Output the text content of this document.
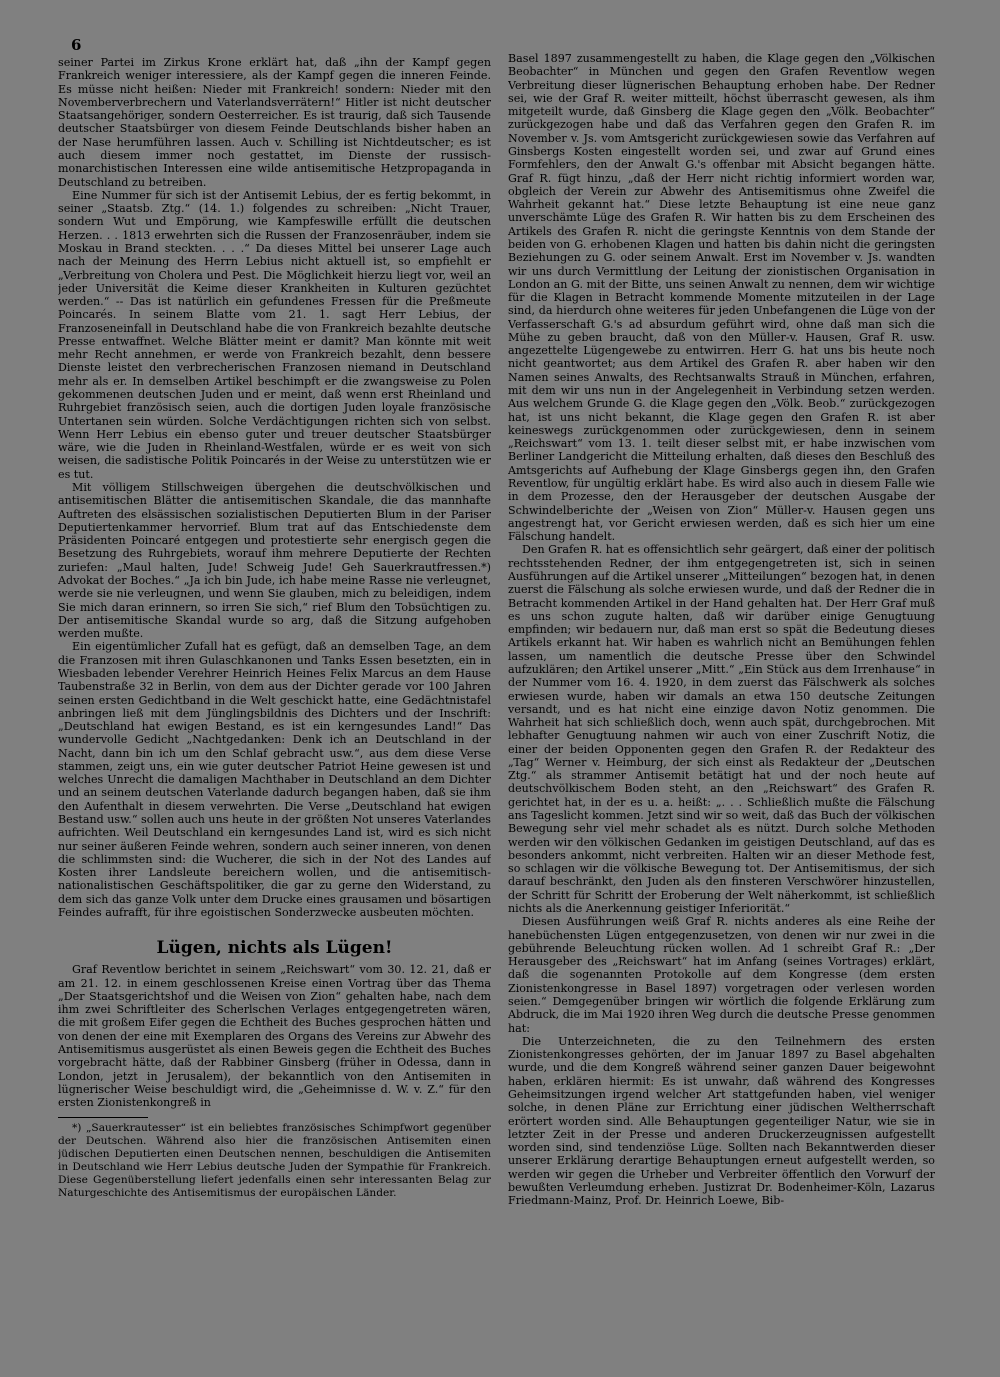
6

seiner Partei im Zirkus Krone erklärt hat, daß „ihn der Kampf gegen Frankreich weniger interessiere, als der Kampf gegen die inneren Feinde. Es müsse nicht heißen: Nieder mit Frankreich! sondern: Nieder mit den Novemberverbrechern und Vaterlandsverrätern!“ Hitler ist nicht deutscher Staatsangehöriger, sondern Oesterreicher. Es ist traurig, daß sich Tausende deutscher Staatsbürger von diesem Feinde Deutschlands bisher haben an der Nase herumführen lassen. Auch v. Schilling ist Nichtdeutscher; es ist auch diesem immer noch gestattet, im Dienste der russisch-monarchistischen Interessen eine wilde antisemitische Hetzpropaganda in Deutschland zu betreiben.

Eine Nummer für sich ist der Antisemit Lebius, der es fertig bekommt, in seiner „Staatsb. Ztg.“ (14. 1.) folgendes zu schreiben: „Nicht Trauer, sondern Wut und Empörung, wie Kampfeswille erfüllt die deutschen Herzen. . . 1813 erwehrten sich die Russen der Franzosenräuber, indem sie Moskau in Brand steckten. . . .“ Da dieses Mittel bei unserer Lage auch nach der Meinung des Herrn Lebius nicht aktuell ist, so empfiehlt er „Verbreitung von Cholera und Pest. Die Möglichkeit hierzu liegt vor, weil an jeder Universität die Keime dieser Krankheiten in Kulturen gezüchtet werden.“ -- Das ist natürlich ein gefundenes Fressen für die Preßmeute Poincarés. In seinem Blatte vom 21. 1. sagt Herr Lebius, der Franzoseneinfall in Deutschland habe die von Frankreich bezahlte deutsche Presse entwaffnet. Welche Blätter meint er damit? Man könnte mit weit mehr Recht annehmen, er werde von Frankreich bezahlt, denn bessere Dienste leistet den verbrecherischen Franzosen niemand in Deutschland mehr als er. In demselben Artikel beschimpft er die zwangsweise zu Polen gekommenen deutschen Juden und er meint, daß wenn erst Rheinland und Ruhrgebiet französisch seien, auch die dortigen Juden loyale französische Untertanen sein würden. Solche Verdächtigungen richten sich von selbst. Wenn Herr Lebius ein ebenso guter und treuer deutscher Staatsbürger wäre, wie die Juden in Rheinland-Westfalen, würde er es weit von sich weisen, die sadistische Politik Poincarés in der Weise zu unterstützen wie er es tut.

Mit völligem Stillschweigen übergehen die deutschvölkischen und antisemitischen Blätter die antisemitischen Skandale, die das mannhafte Auftreten des elsässischen sozialistischen Deputierten Blum in der Pariser Deputiertenkammer hervorrief. Blum trat auf das Entschiedenste dem Präsidenten Poincaré entgegen und protestierte sehr energisch gegen die Besetzung des Ruhrgebiets, worauf ihm mehrere Deputierte der Rechten zuriefen: „Maul halten, Jude! Schweig Jude! Geh Sauerkrautfressen.*) Advokat der Boches.“ „Ja ich bin Jude, ich habe meine Rasse nie verleugnet, werde sie nie verleugnen, und wenn Sie glauben, mich zu beleidigen, indem Sie mich daran erinnern, so irren Sie sich,“ rief Blum den Tobsüchtigen zu. Der antisemitische Skandal wurde so arg, daß die Sitzung aufgehoben werden mußte.

Ein eigentümlicher Zufall hat es gefügt, daß an demselben Tage, an dem die Franzosen mit ihren Gulaschkanonen und Tanks Essen besetzten, ein in Wiesbaden lebender Verehrer Heinrich Heines Felix Marcus an dem Hause Taubenstraße 32 in Berlin, von dem aus der Dichter gerade vor 100 Jahren seinen ersten Gedichtband in die Welt geschickt hatte, eine Gedächtnistafel anbringen ließ mit dem Jünglingsbildnis des Dichters und der Inschrift: „Deutschland hat ewigen Bestand, es ist ein kerngesundes Land!“ Das wundervolle Gedicht „Nachtgedanken: Denk ich an Deutschland in der Nacht, dann bin ich um den Schlaf gebracht usw.“, aus dem diese Verse stammen, zeigt uns, ein wie guter deutscher Patriot Heine gewesen ist und welches Unrecht die damaligen Machthaber in Deutschland an dem Dichter und an seinem deutschen Vaterlande dadurch begangen haben, daß sie ihm den Aufenthalt in diesem verwehrten. Die Verse „Deutschland hat ewigen Bestand usw.“ sollen auch uns heute in der größten Not unseres Vaterlandes aufrichten. Weil Deutschland ein kerngesundes Land ist, wird es sich nicht nur seiner äußeren Feinde wehren, sondern auch seiner inneren, von denen die schlimmsten sind: die Wucherer, die sich in der Not des Landes auf Kosten ihrer Landsleute bereichern wollen, und die antisemitisch-nationalistischen Geschäftspolitiker, die gar zu gerne den Widerstand, zu dem sich das ganze Volk unter dem Drucke eines grausamen und bösartigen Feindes aufrafft, für ihre egoistischen Sonderzwecke ausbeuten möchten.

Lügen, nichts als Lügen!

Graf Reventlow berichtet in seinem „Reichswart“ vom 30. 12. 21, daß er am 21. 12. in einem geschlossenen Kreise einen Vortrag über das Thema „Der Staatsgerichtshof und die Weisen von Zion“ gehalten habe, nach dem ihm zwei Schriftleiter des Scherlschen Verlages entgegengetreten wären, die mit großem Eifer gegen die Echtheit des Buches gesprochen hätten und von denen der eine mit Exemplaren des Organs des Vereins zur Abwehr des Antisemitismus ausgerüstet als einen Beweis gegen die Echtheit des Buches vorgebracht hätte, daß der Rabbiner Ginsberg (früher in Odessa, dann in London, jetzt in Jerusalem), der bekanntlich von den Antisemiten in lügnerischer Weise beschuldigt wird, die „Geheimnisse d. W. v. Z.“ für den ersten Zionistenkongreß in

*) „Sauerkrautesser“ ist ein beliebtes französisches Schimpfwort gegenüber der Deutschen. Während also hier die französischen Antisemiten einen jüdischen Deputierten einen Deutschen nennen, beschuldigen die Antisemiten in Deutschland wie Herr Lebius deutsche Juden der Sympathie für Frankreich. Diese Gegenüberstellung liefert jedenfalls einen sehr interessanten Belag zur Naturgeschichte des Antisemitismus der europäischen Länder.

Basel 1897 zusammengestellt zu haben, die Klage gegen den „Völkischen Beobachter“ in München und gegen den Grafen Reventlow wegen Verbreitung dieser lügnerischen Behauptung erhoben habe. Der Redner sei, wie der Graf R. weiter mitteilt, höchst überrascht gewesen, als ihm mitgeteilt wurde, daß Ginsberg die Klage gegen den „Völk. Beobachter“ zurückgezogen habe und daß das Verfahren gegen den Grafen R. im November v. Js. vom Amtsgericht zurückgewiesen sowie das Verfahren auf Ginsbergs Kosten eingestellt worden sei, und zwar auf Grund eines Formfehlers, den der Anwalt G.'s offenbar mit Absicht begangen hätte. Graf R. fügt hinzu, „daß der Herr nicht richtig informiert worden war, obgleich der Verein zur Abwehr des Antisemitismus ohne Zweifel die Wahrheit gekannt hat.“ Diese letzte Behauptung ist eine neue ganz unverschämte Lüge des Grafen R. Wir hatten bis zu dem Erscheinen des Artikels des Grafen R. nicht die geringste Kenntnis von dem Stande der beiden von G. erhobenen Klagen und hatten bis dahin nicht die geringsten Beziehungen zu G. oder seinem Anwalt. Erst im November v. Js. wandten wir uns durch Vermittlung der Leitung der zionistischen Organisation in London an G. mit der Bitte, uns seinen Anwalt zu nennen, dem wir wichtige für die Klagen in Betracht kommende Momente mitzuteilen in der Lage sind, da hierdurch ohne weiteres für jeden Unbefangenen die Lüge von der Verfasserschaft G.'s ad absurdum geführt wird, ohne daß man sich die Mühe zu geben braucht, daß von den Müller-v. Hausen, Graf R. usw. angezettelte Lügengewebe zu entwirren. Herr G. hat uns bis heute noch nicht geantwortet; aus dem Artikel des Grafen R. aber haben wir den Namen seines Anwalts, des Rechtsanwalts Strauß in München, erfahren, mit dem wir uns nun in der Angelegenheit in Verbindung setzen werden. Aus welchem Grunde G. die Klage gegen den „Völk. Beob.“ zurückgezogen hat, ist uns nicht bekannt, die Klage gegen den Grafen R. ist aber keineswegs zurückgenommen oder zurückgewiesen, denn in seinem „Reichswart“ vom 13. 1. teilt dieser selbst mit, er habe inzwischen vom Berliner Landgericht die Mitteilung erhalten, daß dieses den Beschluß des Amtsgerichts auf Aufhebung der Klage Ginsbergs gegen ihn, den Grafen Reventlow, für ungültig erklärt habe. Es wird also auch in diesem Falle wie in dem Prozesse, den der Herausgeber der deutschen Ausgabe der Schwindelberichte der „Weisen von Zion“ Müller-v. Hausen gegen uns angestrengt hat, vor Gericht erwiesen werden, daß es sich hier um eine Fälschung handelt.

Den Grafen R. hat es offensichtlich sehr geärgert, daß einer der politisch rechtsstehenden Redner, der ihm entgegengetreten ist, sich in seinen Ausführungen auf die Artikel unserer „Mitteilungen“ bezogen hat, in denen zuerst die Fälschung als solche erwiesen wurde, und daß der Redner die in Betracht kommenden Artikel in der Hand gehalten hat. Der Herr Graf muß es uns schon zugute halten, daß wir darüber einige Genugtuung empfinden; wir bedauern nur, daß man erst so spät die Bedeutung dieses Artikels erkannt hat. Wir haben es wahrlich nicht an Bemühungen fehlen lassen, um namentlich die deutsche Presse über den Schwindel aufzuklären; den Artikel unserer „Mitt.“ „Ein Stück aus dem Irrenhause“ in der Nummer vom 16. 4. 1920, in dem zuerst das Fälschwerk als solches erwiesen wurde, haben wir damals an etwa 150 deutsche Zeitungen versandt, und es hat nicht eine einzige davon Notiz genommen. Die Wahrheit hat sich schließlich doch, wenn auch spät, durchgebrochen. Mit lebhafter Genugtuung nahmen wir auch von einer Zuschrift Notiz, die einer der beiden Opponenten gegen den Grafen R. der Redakteur des „Tag“ Werner v. Heimburg, der sich einst als Redakteur der „Deutschen Ztg.“ als strammer Antisemit betätigt hat und der noch heute auf deutschvölkischem Boden steht, an den „Reichswart“ des Grafen R. gerichtet hat, in der es u. a. heißt: „. . . Schließlich mußte die Fälschung ans Tageslicht kommen. Jetzt sind wir so weit, daß das Buch der völkischen Bewegung sehr viel mehr schadet als es nützt. Durch solche Methoden werden wir den völkischen Gedanken im geistigen Deutschland, auf das es besonders ankommt, nicht verbreiten. Halten wir an dieser Methode fest, so schlagen wir die völkische Bewegung tot. Der Antisemitismus, der sich darauf beschränkt, den Juden als den finsteren Verschwörer hinzustellen, der Schritt für Schritt der Eroberung der Welt näherkommt, ist schließlich nichts als die Anerkennung geistiger Inferiorität.“

Diesen Ausführungen weiß Graf R. nichts anderes als eine Reihe der hanebüchensten Lügen entgegenzusetzen, von denen wir nur zwei in die gebührende Beleuchtung rücken wollen. Ad 1 schreibt Graf R.: „Der Herausgeber des „Reichswart“ hat im Anfang (seines Vortrages) erklärt, daß die sogenannten Protokolle auf dem Kongresse (dem ersten Zionistenkongresse in Basel 1897) vorgetragen oder verlesen worden seien.“ Demgegenüber bringen wir wörtlich die folgende Erklärung zum Abdruck, die im Mai 1920 ihren Weg durch die deutsche Presse genommen hat:

Die Unterzeichneten, die zu den Teilnehmern des ersten Zionistenkongresses gehörten, der im Januar 1897 zu Basel abgehalten wurde, und die dem Kongreß während seiner ganzen Dauer beigewohnt haben, erklären hiermit: Es ist unwahr, daß während des Kongresses Geheimsitzungen irgend welcher Art stattgefunden haben, viel weniger solche, in denen Pläne zur Errichtung einer jüdischen Weltherrschaft erörtert worden sind. Alle Behauptungen gegenteiliger Natur, wie sie in letzter Zeit in der Presse und anderen Druckerzeugnissen aufgestellt worden sind, sind tendenziöse Lüge. Sollten nach Bekanntwerden dieser unserer Erklärung derartige Behauptungen erneut aufgestellt werden, so werden wir gegen die Urheber und Verbreiter öffentlich den Vorwurf der bewußten Verleumdung erheben. Justizrat Dr. Bodenheimer-Köln, Lazarus Friedmann-Mainz, Prof. Dr. Heinrich Loewe, Bib-
